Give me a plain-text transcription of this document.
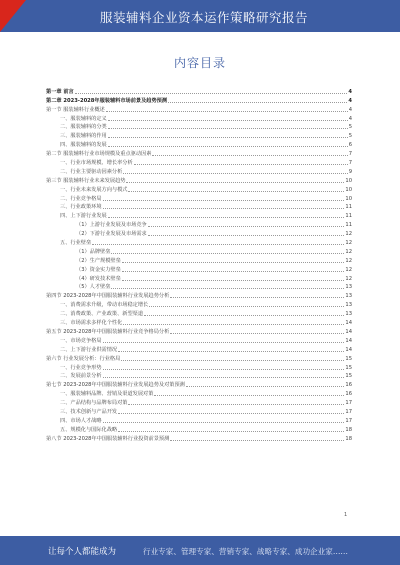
服装辅料企业资本运作策略研究报告
内容目录
第一章 前言	4
第二章 2023-2028年服装辅料市场前景及趋势预测	4
第一节 服装辅料行业概述	4
一、服装辅料的定义	4
二、服装辅料的分类	5
三、服装辅料的作用	5
四、服装辅料的发展	6
第二节 服装辅料行业市场规模及重点驱动因素	7
一、行业市场规模、增长率分析	7
二、行业主要驱动因素分析	9
第三节 服装辅料行业未来发展趋势	10
一、行业未来发展方向与模式	10
二、行业竞争格局	10
三、行业政策环境	11
四、上下游行业发展	11
（1）上游行业发展及市场竞争	11
（2）下游行业发展及市场需求	12
五、行业壁垒	12
（1）品牌壁垒	12
（2）生产规模壁垒	12
（3）资金实力壁垒	12
（4）研发技术壁垒	12
（5）人才壁垒	13
第四节 2023-2028年中国服装辅料行业发展趋势分析	13
一、消费需求升级，带动市场稳定增长	13
二、消费政策、产业政策、新型渠道	13
三、市场需求多样化个性化	14
第五节 2023-2028年中国服装辅料行业竞争格局分析	14
一、市场竞争格局	14
二、上下游行业供需情况	14
第六节 行业发展分析：行业格局	15
一、行业竞争形势	15
二、发展前景分析	15
第七节 2023-2028年中国服装辅料行业发展趋势及对策预测	16
一、服装辅料品牌、营销及渠道发展对策	16
二、产品结构与品牌布局对策	17
三、技术创新与产品开发	17
四、市场人才战略	17
五、规模化与国际化战略	18
第八节 2023-2028年中国服装辅料行业投资前景预测	18
1
让每个人都能成为	行业专家、管理专家、营销专家、战略专家、成功企业家……
